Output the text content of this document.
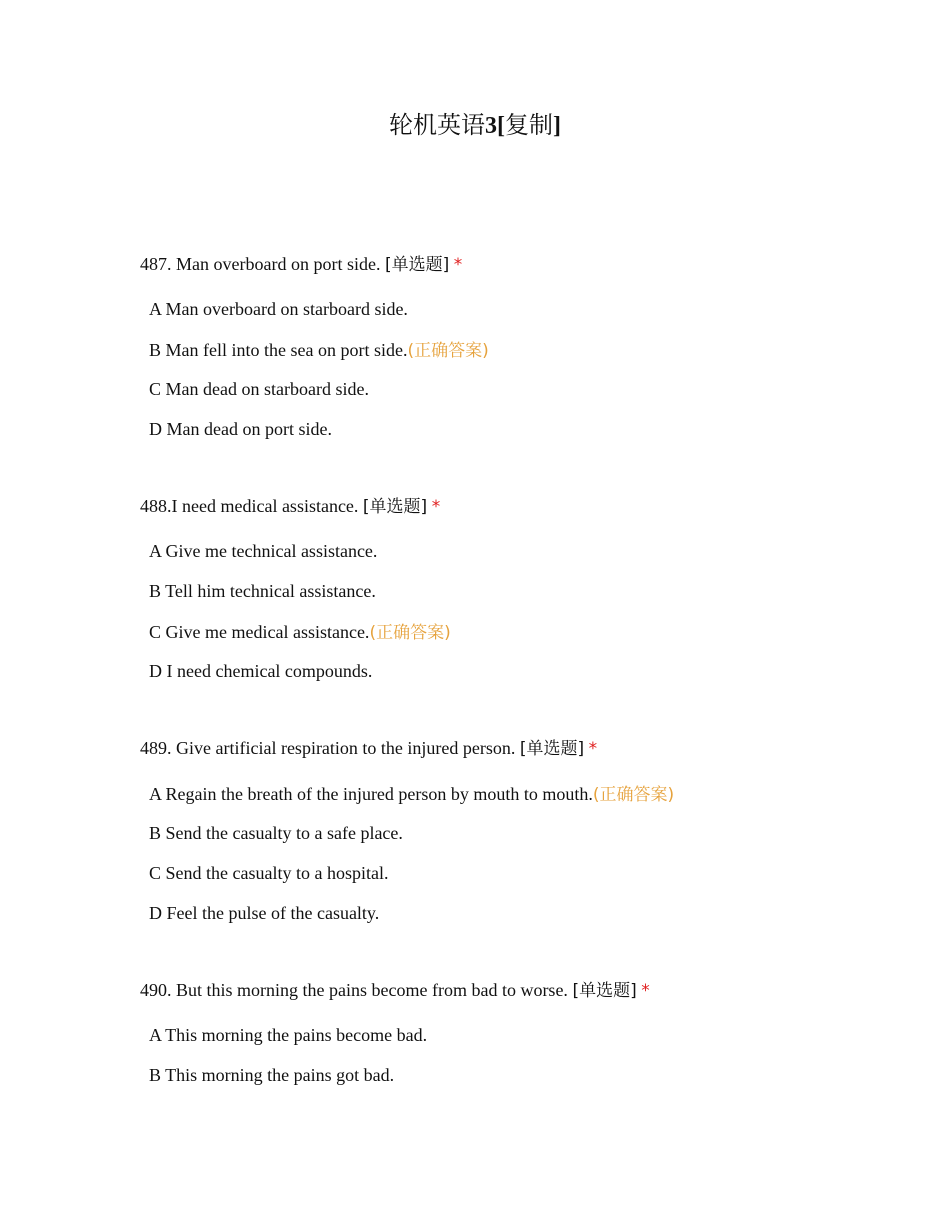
轮机英语3[复制]
487. Man overboard on port side. [单选题] *
A Man overboard on starboard side.
B Man fell into the sea on port side.(正确答案)
C Man dead on starboard side.
D Man dead on port side.
488.I need medical assistance. [单选题] *
A Give me technical assistance.
B Tell him technical assistance.
C Give me medical assistance.(正确答案)
D I need chemical compounds.
489. Give artificial respiration to the injured person. [单选题] *
A Regain the breath of the injured person by mouth to mouth.(正确答案)
B Send the casualty to a safe place.
C Send the casualty to a hospital.
D Feel the pulse of the casualty.
490. But this morning the pains become from bad to worse. [单选题] *
A This morning the pains become bad.
B This morning the pains got bad.
